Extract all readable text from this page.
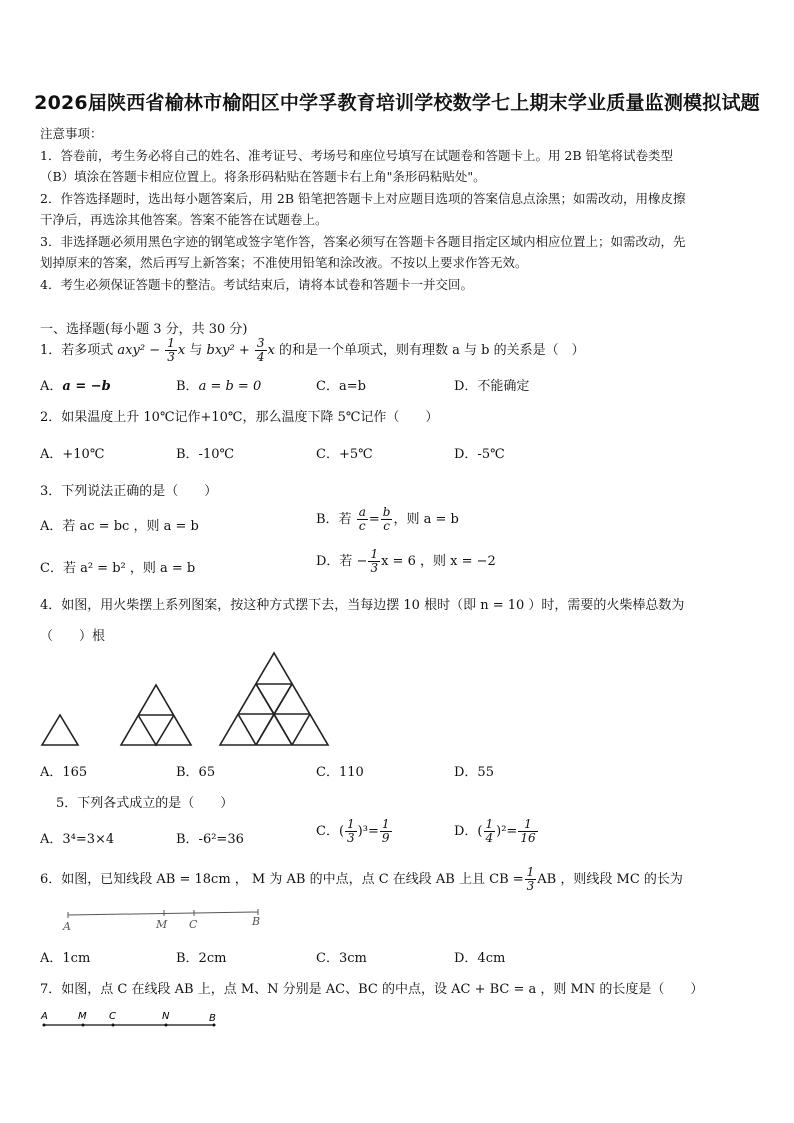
2026届陕西省榆林市榆阳区中学孚教育培训学校数学七上期末学业质量监测模拟试题
注意事项：
1．答卷前，考生务必将自己的姓名、准考证号、考场号和座位号填写在试题卷和答题卡上。用 2B 铅笔将试卷类型
（B）填涂在答题卡相应位置上。将条形码粘贴在答题卡右上角"条形码粘贴处"。
2．作答选择题时，选出每小题答案后，用 2B 铅笔把答题卡上对应题目选项的答案信息点涂黑；如需改动，用橡皮擦
干净后，再选涂其他答案。答案不能答在试题卷上。
3．非选择题必须用黑色字迹的钢笔或签字笔作答，答案必须写在答题卡各题目指定区域内相应位置上；如需改动，先
划掉原来的答案，然后再写上新答案；不准使用铅笔和涂改液。不按以上要求作答无效。
4．考生必须保证答题卡的整洁。考试结束后，请将本试卷和答题卡一并交回。
一、选择题(每小题 3 分，共 30 分)
1．若多项式 $axy^2 - \frac{1}{3}$ x 与 $bxy^2 + \frac{3}{4}$ x 的和是一个单项式，则有理数 a 与 b 的关系是（　）
A．a = −b	B．a = b = 0	C．a=b	D．不能确定
2．如果温度上升 10℃记作+10℃，那么温度下降 5℃记作（　　）
A．+10℃	B．-10℃	C．+5℃	D．-5℃
3．下列说法正确的是（　　）
A．若 ac = bc ，则 a = b	B．若 $\frac{a}{c} = \frac{b}{c}$ ，则 a = b
C．若 a² = b² ，则 a = b	D．若 − $\frac{1}{3}$ x = 6 ，则 x = −2
4．如图，用火柴摆上系列图案，按这种方式摆下去，当每边摆 10 根时（即 n = 10 ）时，需要的火柴棒总数为
（　　）根
A．165	B．65	C．110	D．55
5．下列各式成立的是（　　）
A．3⁴=3×4	B．-6²=36
C．( $\frac{1}{3} )^3= \frac{1}{9}$	D．( $\frac{1}{4} )^2= \frac{1}{16}$
6．如图，已知线段 AB = 18cm ， M 为 AB 的中点，点 C 在线段 AB 上且 CB = $\frac{1}{3}$ AB ，则线段 MC 的长为
A	M C	B
A．1cm	B．2cm	C．3cm	D．4cm
7．如图，点 C 在线段 AB 上，点 M、N 分别是 AC、BC 的中点，设 AC + BC = a ，则 MN 的长度是（　　）
A	M C	N	B
